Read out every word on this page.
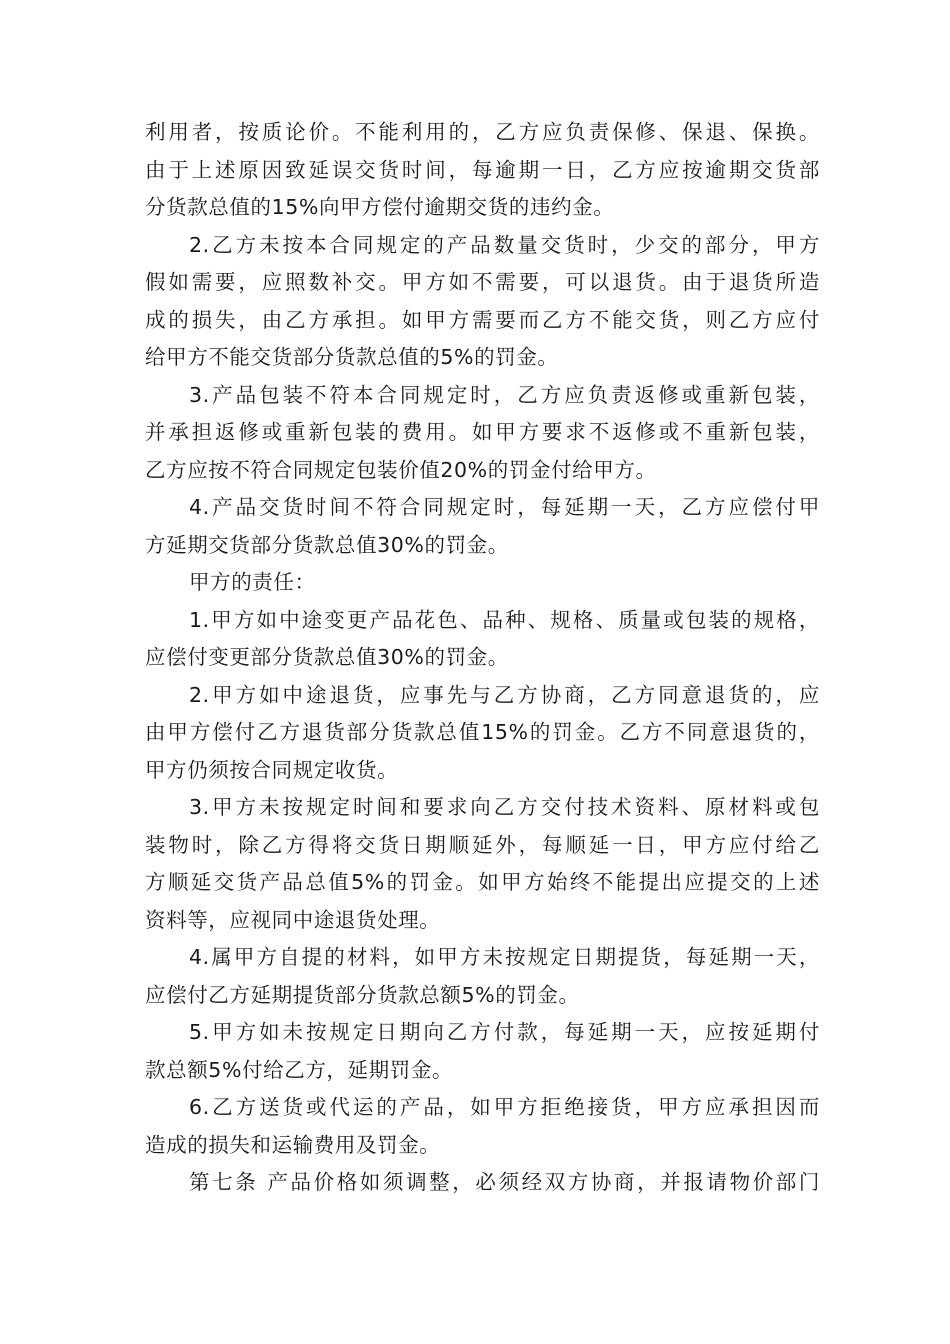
利用者，按质论价。不能利用的，乙方应负责保修、保退、保换。
由于上述原因致延误交货时间，每逾期一日，乙方应按逾期交货部
分货款总值的15%向甲方偿付逾期交货的违约金。
2.乙方未按本合同规定的产品数量交货时，少交的部分，甲方
假如需要，应照数补交。甲方如不需要，可以退货。由于退货所造
成的损失，由乙方承担。如甲方需要而乙方不能交货，则乙方应付
给甲方不能交货部分货款总值的5%的罚金。
3.产品包装不符本合同规定时，乙方应负责返修或重新包装，
并承担返修或重新包装的费用。如甲方要求不返修或不重新包装，
乙方应按不符合同规定包装价值20%的罚金付给甲方。
4.产品交货时间不符合同规定时，每延期一天，乙方应偿付甲
方延期交货部分货款总值30%的罚金。
甲方的责任：
1.甲方如中途变更产品花色、品种、规格、质量或包装的规格，
应偿付变更部分货款总值30%的罚金。
2.甲方如中途退货，应事先与乙方协商，乙方同意退货的，应
由甲方偿付乙方退货部分货款总值15%的罚金。乙方不同意退货的，
甲方仍须按合同规定收货。
3.甲方未按规定时间和要求向乙方交付技术资料、原材料或包
装物时，除乙方得将交货日期顺延外，每顺延一日，甲方应付给乙
方顺延交货产品总值5%的罚金。如甲方始终不能提出应提交的上述
资料等，应视同中途退货处理。
4.属甲方自提的材料，如甲方未按规定日期提货，每延期一天，
应偿付乙方延期提货部分货款总额5%的罚金。
5.甲方如未按规定日期向乙方付款，每延期一天，应按延期付
款总额5%付给乙方，延期罚金。
6.乙方送货或代运的产品，如甲方拒绝接货，甲方应承担因而
造成的损失和运输费用及罚金。
第七条 产品价格如须调整，必须经双方协商，并报请物价部门
